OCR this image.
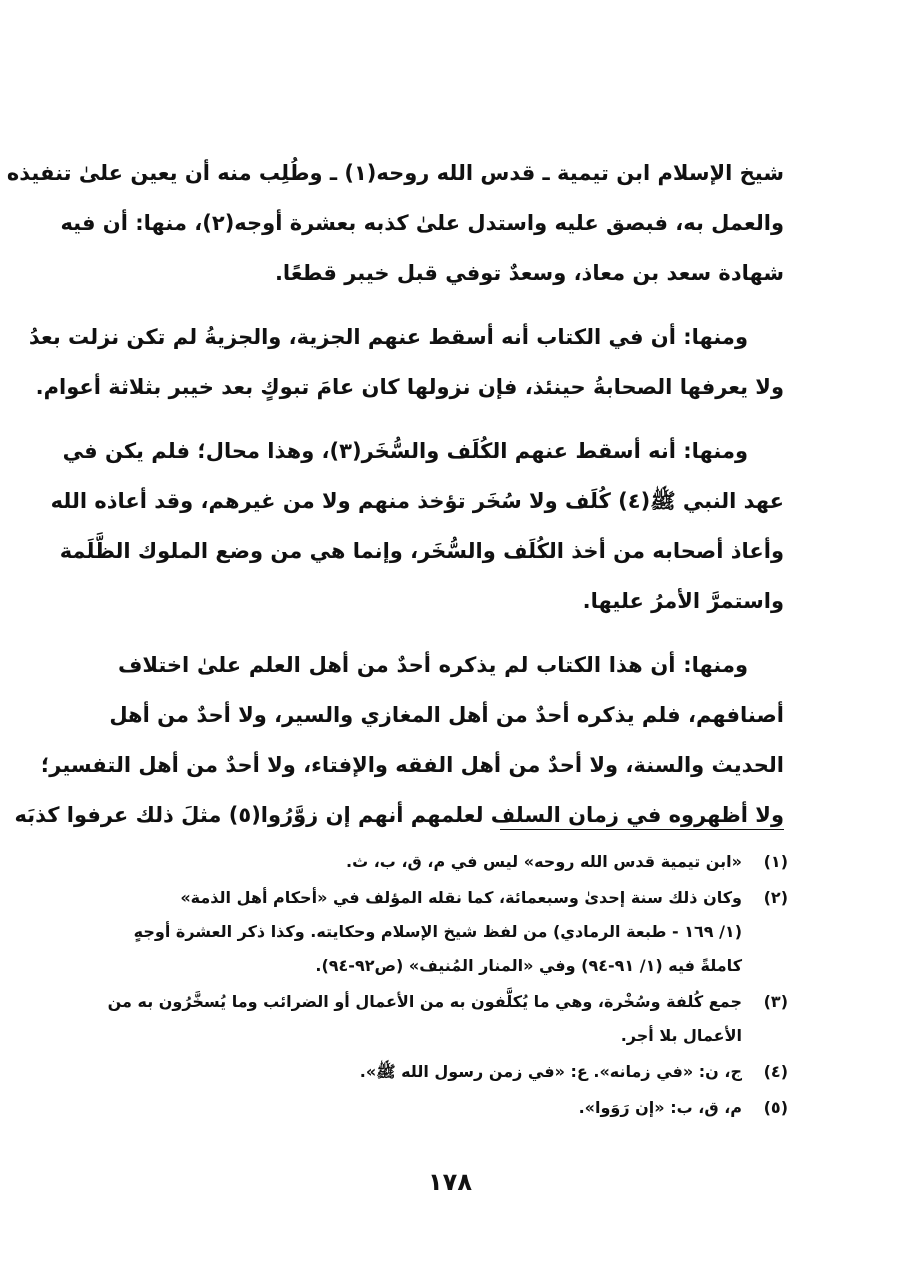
شيخ الإسلام ابن تيمية ـ قدس الله روحه(١) ـ وطُلِب منه أن يعين علىٰ تنفيذه
والعمل به، فبصق عليه واستدل علىٰ كذبه بعشرة أوجه(٢)، منها: أن فيه
شهادة سعد بن معاذ، وسعدٌ توفي قبل خيبر قطعًا.
ومنها: أن في الكتاب أنه أسقط عنهم الجزية، والجزيةُ لم تكن نزلت بعدُ
ولا يعرفها الصحابةُ حينئذ، فإن نزولها كان عامَ تبوكٍ بعد خيبر بثلاثة أعوام.
ومنها: أنه أسقط عنهم الكُلَف والسُّخَر(٣)، وهذا محال؛ فلم يكن في
عهد النبي ﷺ(٤) كُلَف ولا سُخَر تؤخذ منهم ولا من غيرهم، وقد أعاذه الله
وأعاذ أصحابه من أخذ الكُلَف والسُّخَر، وإنما هي من وضع الملوك الظَّلَمة
واستمرَّ الأمرُ عليها.
ومنها: أن هذا الكتاب لم يذكره أحدٌ من أهل العلم علىٰ اختلاف
أصنافهم، فلم يذكره أحدٌ من أهل المغازي والسير، ولا أحدٌ من أهل
الحديث والسنة، ولا أحدٌ من أهل الفقه والإفتاء، ولا أحدٌ من أهل التفسير؛
ولا أظهروه في زمان السلف لعلمهم أنهم إن زوَّرُوا(٥) مثلَ ذلك عرفوا كذبَه
(١)
«ابن تيمية قدس الله روحه» ليس في م، ق، ب، ث.
(٢)
وكان ذلك سنة إحدىٰ وسبعمائة، كما نقله المؤلف في «أحكام أهل الذمة»
(١/ ١٦٩ - طبعة الرمادي) من لفظ شيخ الإسلام وحكايته. وكذا ذكر العشرة أوجهٍ
كاملةً فيه (١/ ٩١-٩٤) وفي «المنار المُنيف» (ص٩٢-٩٤).
(٣)
جمع كُلفة وسُخْرة، وهي ما يُكلَّفون به من الأعمال أو الضرائب وما يُسخَّرُون به من
الأعمال بلا أجر.
(٤)
ج، ن: «في زمانه». ع: «في زمن رسول الله ﷺ».
(٥)
م، ق، ب: «إن رَوَوا».
١٧٨
